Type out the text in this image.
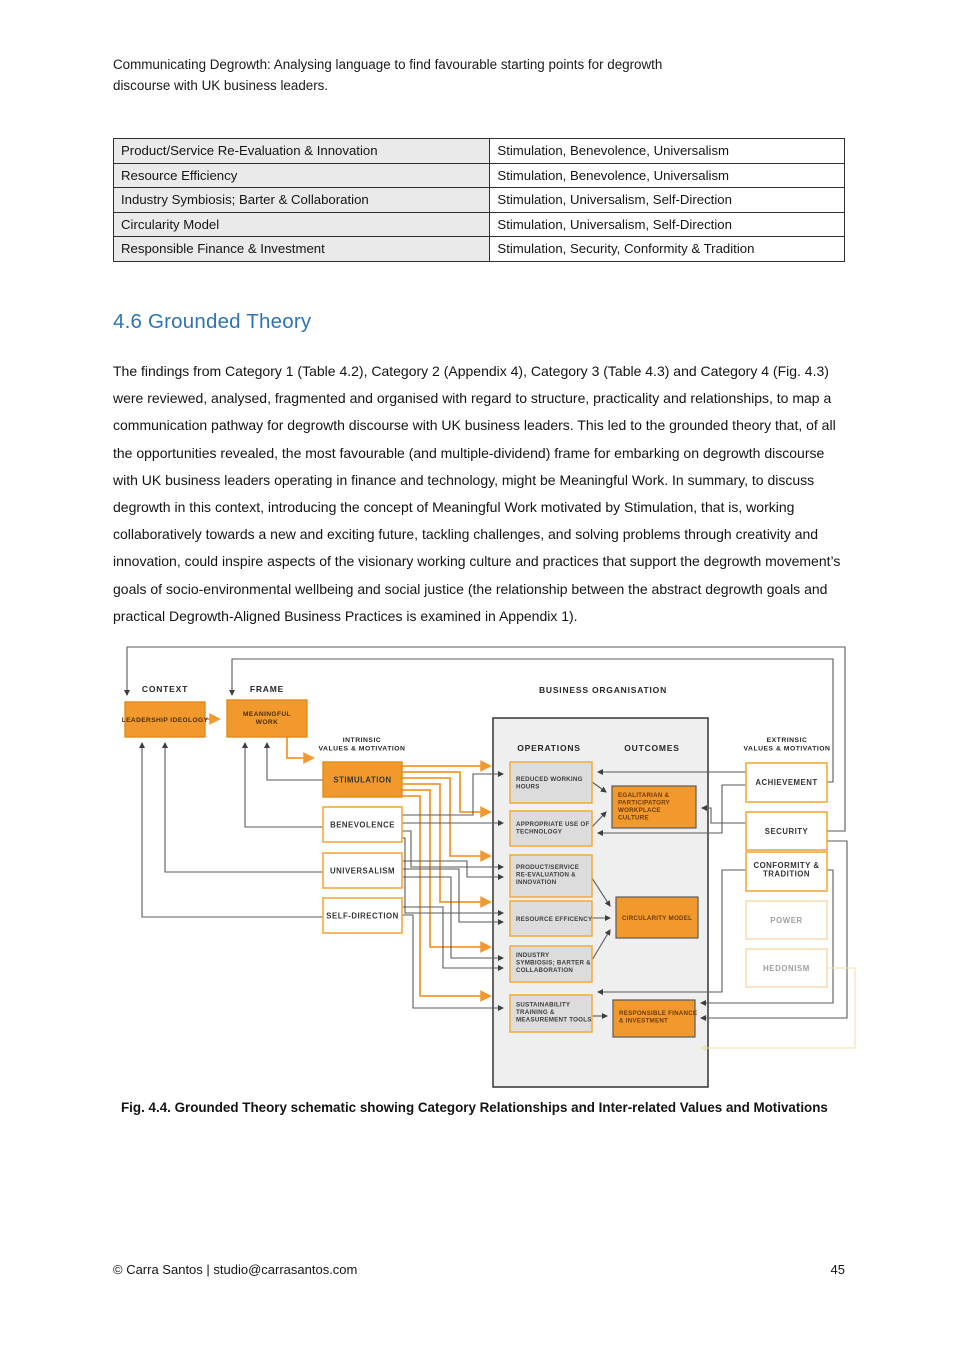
Communicating Degrowth: Analysing language to find favourable starting points for degrowth discourse with UK business leaders.
Product/Service Re-Evaluation & Innovation	Stimulation, Benevolence, Universalism
Resource Efficiency	Stimulation, Benevolence, Universalism
Industry Symbiosis; Barter & Collaboration	Stimulation, Universalism, Self-Direction
Circularity Model	Stimulation, Universalism, Self-Direction
Responsible Finance & Investment	Stimulation, Security, Conformity & Tradition
4.6 Grounded Theory

The findings from Category 1 (Table 4.2), Category 2 (Appendix 4), Category 3 (Table 4.3) and Category 4 (Fig. 4.3) were reviewed, analysed, fragmented and organised with regard to structure, practicality and relationships, to map a communication pathway for degrowth discourse with UK business leaders. This led to the grounded theory that, of all the opportunities revealed, the most favourable (and multiple-dividend) frame for embarking on degrowth discourse with UK business leaders operating in finance and technology, might be Meaningful Work. In summary, to discuss degrowth in this context, introducing the concept of Meaningful Work motivated by Stimulation, that is, working collaboratively towards a new and exciting future, tackling challenges, and solving problems through creativity and innovation, could inspire aspects of the visionary working culture and practices that support the degrowth movement’s goals of socio-environmental wellbeing and social justice (the relationship between the abstract degrowth goals and practical Degrowth-Aligned Business Practices is examined in Appendix 1).

LEADERSHIP IDEOLOGY
MEANINGFUL
WORK
STIMULATION
BENEVOLENCE
UNIVERSALISM
SELF-DIRECTION
REDUCED WORKING
HOURS
APPROPRIATE USE OF
TECHNOLOGY
PRODUCT/SERVICE
RE-EVALUATION &
INNOVATION
RESOURCE EFFICENCY
INDUSTRY
SYMBIOSIS; BARTER &
COLLABORATION
SUSTAINABILITY
TRAINING &
MEASUREMENT TOOLS
EGALITARIAN &
PARTICIPATORY
WORKPLACE
CULTURE
CIRCULARITY MODEL
RESPONSIBLE FINANCE
& INVESTMENT
ACHIEVEMENT
SECURITY
CONFORMITY &
TRADITION
POWER
HEDONISM
CONTEXT	FRAME	BUSINESS ORGANISATION
INTRINSIC
VALUES & MOTIVATION
EXTRINSIC
VALUES & MOTIVATION
OPERATIONS	OUTCOMES
Fig. 4.4. Grounded Theory schematic showing Category Relationships and Inter-related Values and Motivations
© Carra Santos | studio@carrasantos.com	45
